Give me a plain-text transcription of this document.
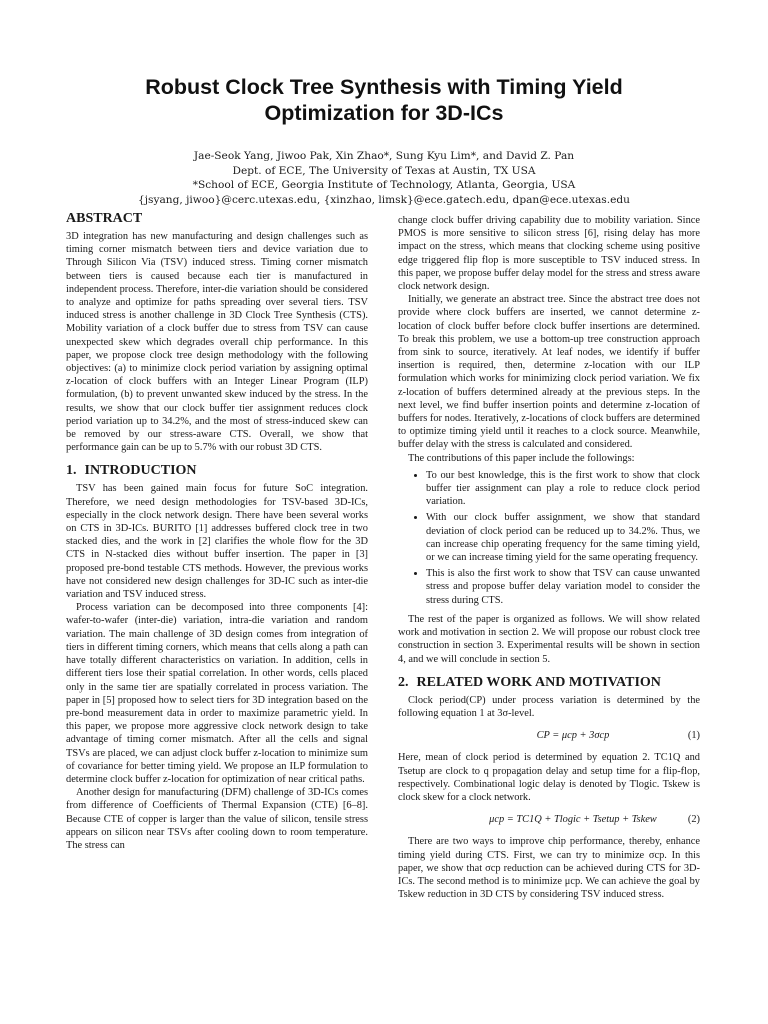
Robust Clock Tree Synthesis with Timing Yield
Optimization for 3D-ICs
Jae-Seok Yang, Jiwoo Pak, Xin Zhao*, Sung Kyu Lim*, and David Z. Pan
Dept. of ECE, The University of Texas at Austin, TX USA
*School of ECE, Georgia Institute of Technology, Atlanta, Georgia, USA
{jsyang, jiwoo}@cerc.utexas.edu, {xinzhao, limsk}@ece.gatech.edu, dpan@ece.utexas.edu
ABSTRACT

3D integration has new manufacturing and design challenges such as timing corner mismatch between tiers and device variation due to Through Silicon Via (TSV) induced stress. Timing corner mismatch between tiers is caused because each tier is manufactured in independent process. Therefore, inter-die variation should be considered to analyze and optimize for paths spreading over several tiers. TSV induced stress is another challenge in 3D Clock Tree Synthesis (CTS). Mobility variation of a clock buffer due to stress from TSV can cause unexpected skew which degrades overall chip performance. In this paper, we propose clock tree design methodology with the following objectives: (a) to minimize clock period variation by assigning optimal z-location of clock buffers with an Integer Linear Program (ILP) formulation, (b) to prevent unwanted skew induced by the stress. In the results, we show that our clock buffer tier assignment reduces clock period variation up to 34.2%, and the most of stress-induced skew can be removed by our stress-aware CTS. Overall, we show that performance gain can be up to 5.7% with our robust 3D CTS.

1. INTRODUCTION

TSV has been gained main focus for future SoC integration. Therefore, we need design methodologies for TSV-based 3D-ICs, especially in the clock network design. There have been several works on CTS in 3D-ICs. BURITO [1] addresses buffered clock tree in two stacked dies, and the work in [2] clarifies the whole flow for the 3D CTS in N-stacked dies without buffer insertion. The paper in [3] proposed pre-bond testable CTS methods. However, the previous works have not considered new design challenges for 3D-IC such as inter-die variation and TSV induced stress.

Process variation can be decomposed into three components [4]: wafer-to-wafer (inter-die) variation, intra-die variation and random variation. The main challenge of 3D design comes from integration of tiers in different timing corners, which means that cells along a path can have totally different characteristics on variation. In addition, cells in different tiers lose their spatial correlation. In other words, cells placed only in the same tier are spatially correlated in process variation. The paper in [5] proposed how to select tiers for 3D integration based on the pre-bond measurement data in order to maximize parametric yield. In this paper, we propose more aggressive clock network design to take advantage of timing corner mismatch. After all the cells and signal TSVs are placed, we can adjust clock buffer z-location to minimize sum of covariance for better timing yield. We propose an ILP formulation to determine clock buffer z-location for optimization of near critical paths.

Another design for manufacturing (DFM) challenge of 3D-ICs comes from difference of Coefficients of Thermal Expansion (CTE) [6–8]. Because CTE of copper is larger than the value of silicon, tensile stress appears on silicon near TSVs after cooling down to room temperature. The stress can

change clock buffer driving capability due to mobility variation. Since PMOS is more sensitive to silicon stress [6], rising delay has more impact on the stress, which means that clocking scheme using positive edge triggered flip flop is more susceptible to TSV induced stress. In this paper, we propose buffer delay model for the stress and stress aware clock network design.

Initially, we generate an abstract tree. Since the abstract tree does not provide where clock buffers are inserted, we cannot determine z-location of clock buffer before clock buffer insertions are determined. To break this problem, we use a bottom-up tree construction approach from sink to source, iteratively. At leaf nodes, we identify if buffer insertion is required, then, determine z-location with our ILP formulation which works for minimizing clock period variation. We fix z-location of buffers determined already at the previous steps. In the next level, we find buffer insertion points and determine z-location of buffers for nodes. Iteratively, z-locations of clock buffers are determined to optimize timing yield until it reaches to a clock source. Meanwhile, buffer delay with the stress is calculated and considered.

The contributions of this paper include the followings:

• To our best knowledge, this is the first work to show that clock buffer tier assignment can play a role to reduce clock period variation.
• With our clock buffer assignment, we show that standard deviation of clock period can be reduced up to 34.2%. Thus, we can increase chip operating frequency for the same timing yield, or we can increase timing yield for the same operating frequency.
• This is also the first work to show that TSV can cause unwanted stress and propose buffer delay variation model to consider the stress during CTS.

The rest of the paper is organized as follows. We will show related work and motivation in section 2. We will propose our robust clock tree construction in section 3. Experimental results will be shown in section 4, and we will conclude in section 5.

2. RELATED WORK AND MOTIVATION

Clock period(CP) under process variation is determined by the following equation 1 at 3σ-level.

CP = μcp + 3σcp	(1)

Here, mean of clock period is determined by equation 2. TC1Q and Tsetup are clock to q propagation delay and setup time for a flip-flop, respectively. Combinational logic delay is denoted by Tlogic. Tskew is clock skew for a clock network.

μcp = TC1Q + Tlogic + Tsetup + Tskew	(2)

There are two ways to improve chip performance, thereby, enhance timing yield during CTS. First, we can try to minimize σcp. In this paper, we show that σcp reduction can be achieved during CTS for 3D-ICs. The second method is to minimize μcp. We can achieve the goal by Tskew reduction in 3D CTS by considering TSV induced stress.
